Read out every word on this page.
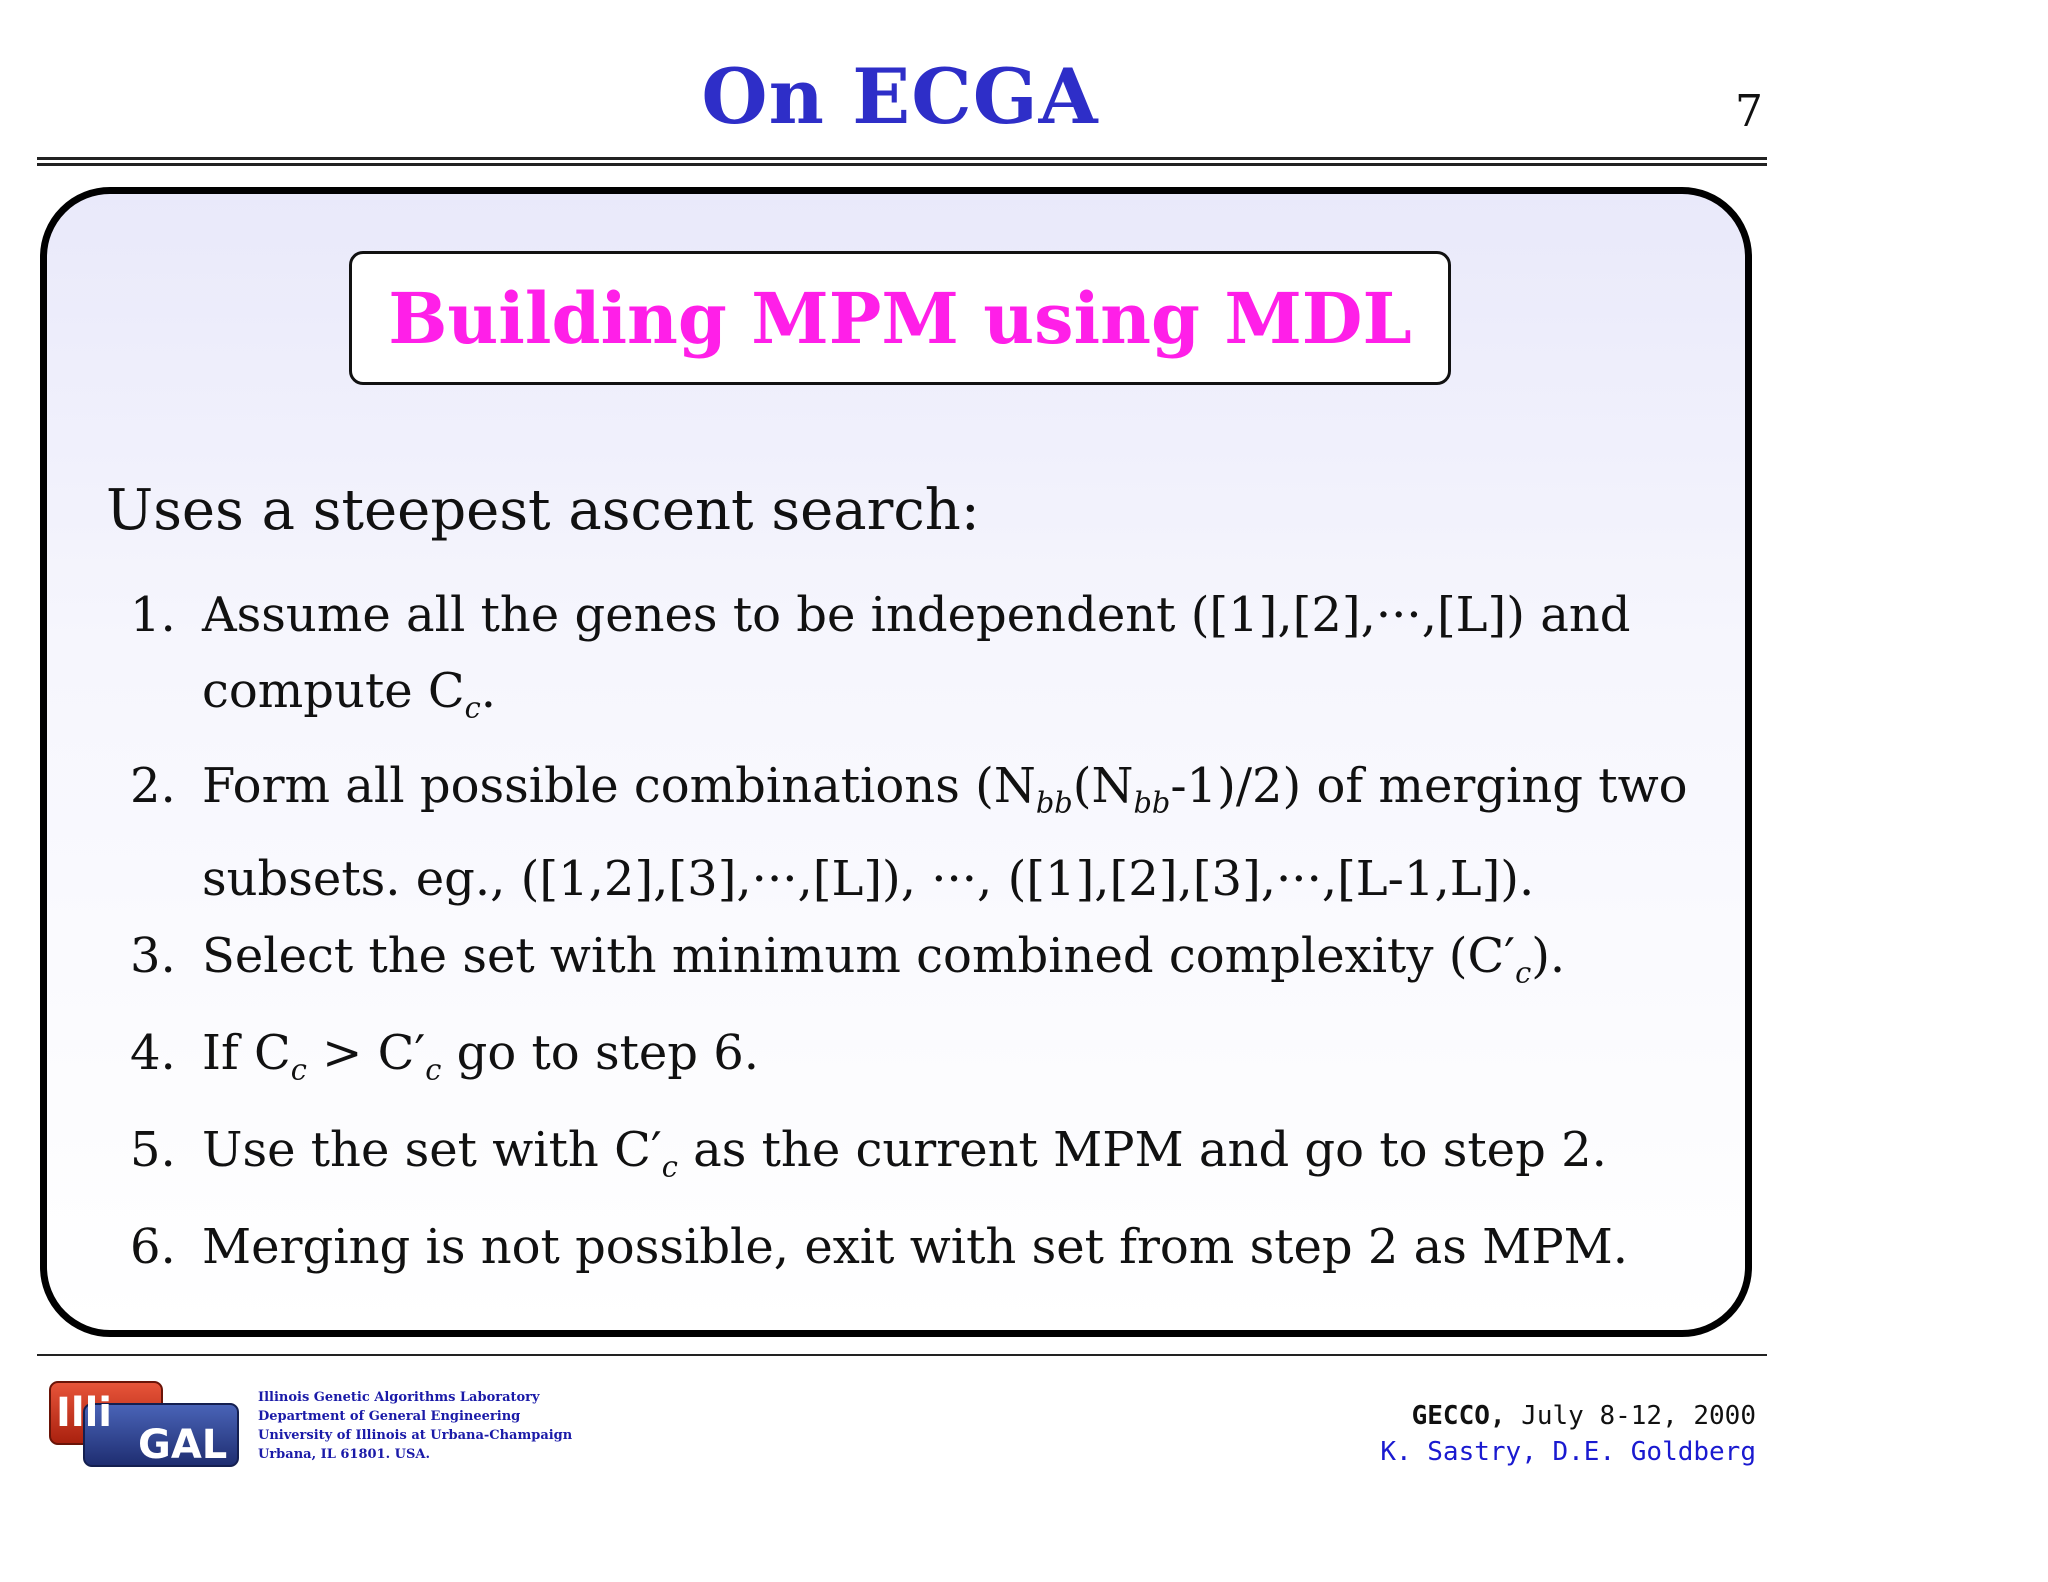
On ECGA	7
Building MPM using MDL
Uses a steepest ascent search:
1. Assume all the genes to be independent ([1],[2],···,[L]) and
compute $C_c$.
2. Form all possible combinations $(N_{bb}(N_{bb}-1)/2)$ of merging two
subsets. eg., ([1,2],[3],···,[L]), ···, ([1],[2],[3],···,[L-1,L]).
3. Select the set with minimum combined complexity $(C'_c)$.
4. If $C_c > C'_c$ go to step 6.
5. Use the set with $C'_c$ as the current MPM and go to step 2.
6. Merging is not possible, exit with set from step 2 as MPM.
Illi
GAL
Illinois Genetic Algorithms Laboratory
Department of General Engineering
University of Illinois at Urbana-Champaign
Urbana, IL 61801. USA.
GECCO, July 8-12, 2000
K. Sastry, D.E. Goldberg
